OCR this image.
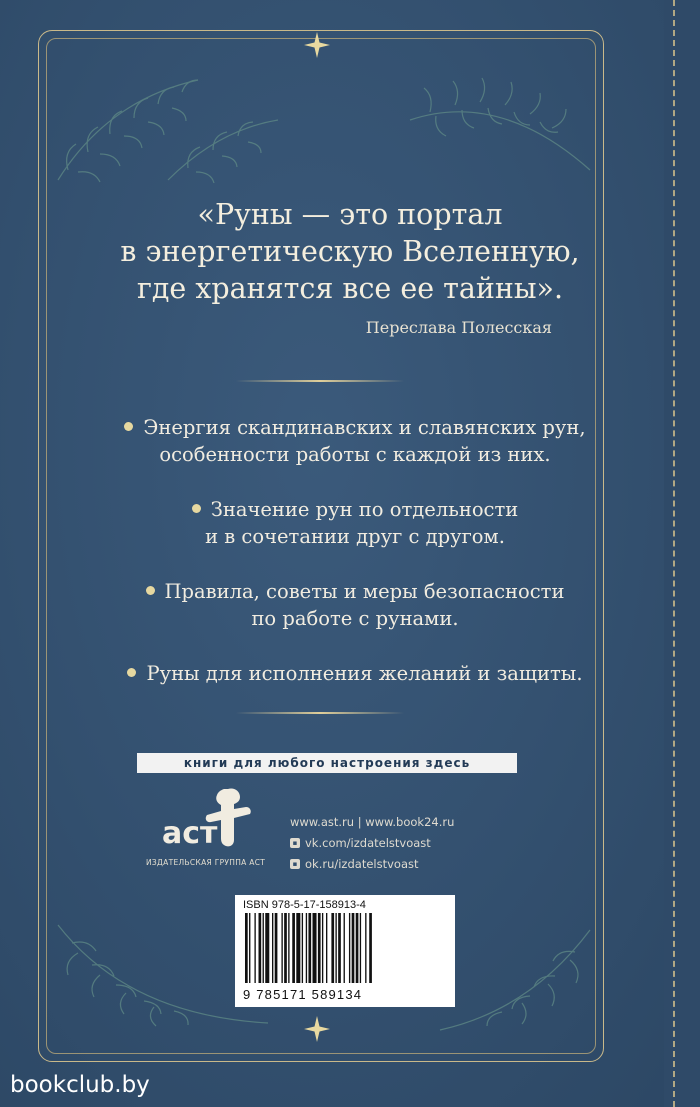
«Руны — это портал
в энергетическую Вселенную,
где хранятся все ее тайны».
Переслава Полесская
Энергия скандинавских и славянских рун,
особенности работы с каждой из них.
Значение рун по отдельности
и в сочетании друг с другом.
Правила, советы и меры безопасности
по работе с рунами.
Руны для исполнения желаний и защиты.
книги для любого настроения здесь
аст
ИЗДАТЕЛЬСКАЯ ГРУППА АСТ
www.ast.ru | www.book24.ru
▪ vk.com/izdatelstvoast
▪ ok.ru/izdatelstvoast
ISBN 978-5-17-158913-4
9 785171 589134
bookclub.by
